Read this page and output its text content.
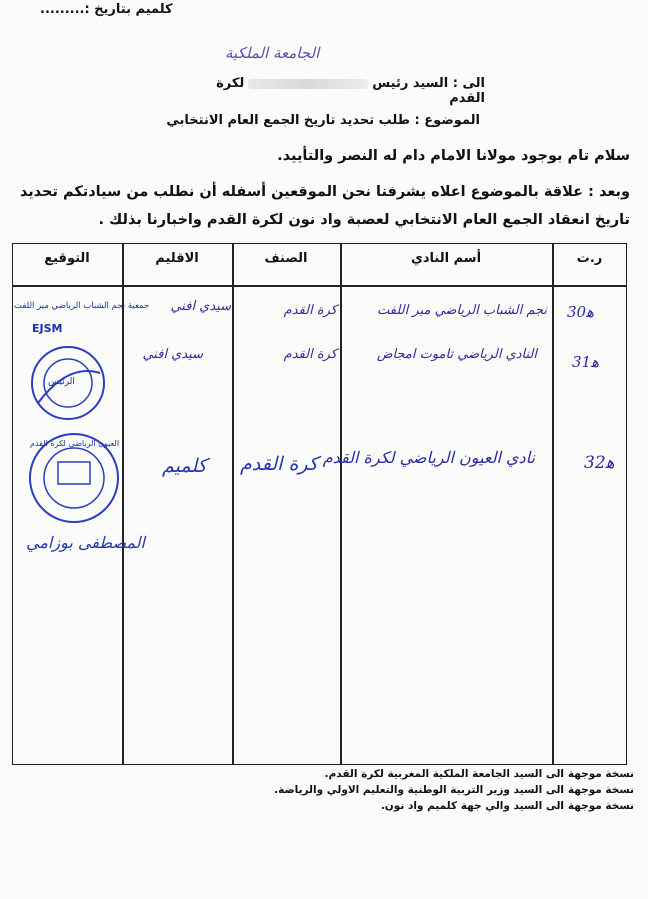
كلميم بتاريخ :.........
الجامعة الملكية
الى : السيد رئيسلكرة القدم
الموضوع : طلب تحديد تاريخ الجمع العام الانتخابي
سلام تام بوجود مولانا الامام دام له النصر والتأييد.
وبعد : علاقة بالموضوع اعلاه يشرفنا نحن الموقعين أسفله أن نطلب من سيادتكم تحديد
تاريخ انعقاد الجمع العام الانتخابي لعصبة واد نون لكرة القدم واخبارنا بذلك .
ر.ت
أسم النادي
الصنف
الاقليم
التوقيع
30ﻫ
نجم الشباب الرياضي مير اللفت
كرة القدم
سيدي افني
جمعية نجم الشباب الرياضي مير اللفت
EJSM
31ﻫ
النادي الرياضي تاموت امجاض
كرة القدم
سيدي افني
الرئيس
32ﻫ
نادي العيون الرياضي لكرة القدم
كرة القدم
كلميم
العيون الرياضي لكرة القدم
المصطفى بوزامي
نسخة موجهة :الى السيد الجامعة الملكية المغربية لكرة القدم.
نسخة موجهة :الى السيد وزير التربية الوطنية والتعليم الاولي والرياضة.
نسخة موجهة :الى السيد والي جهة كلميم واد نون.
